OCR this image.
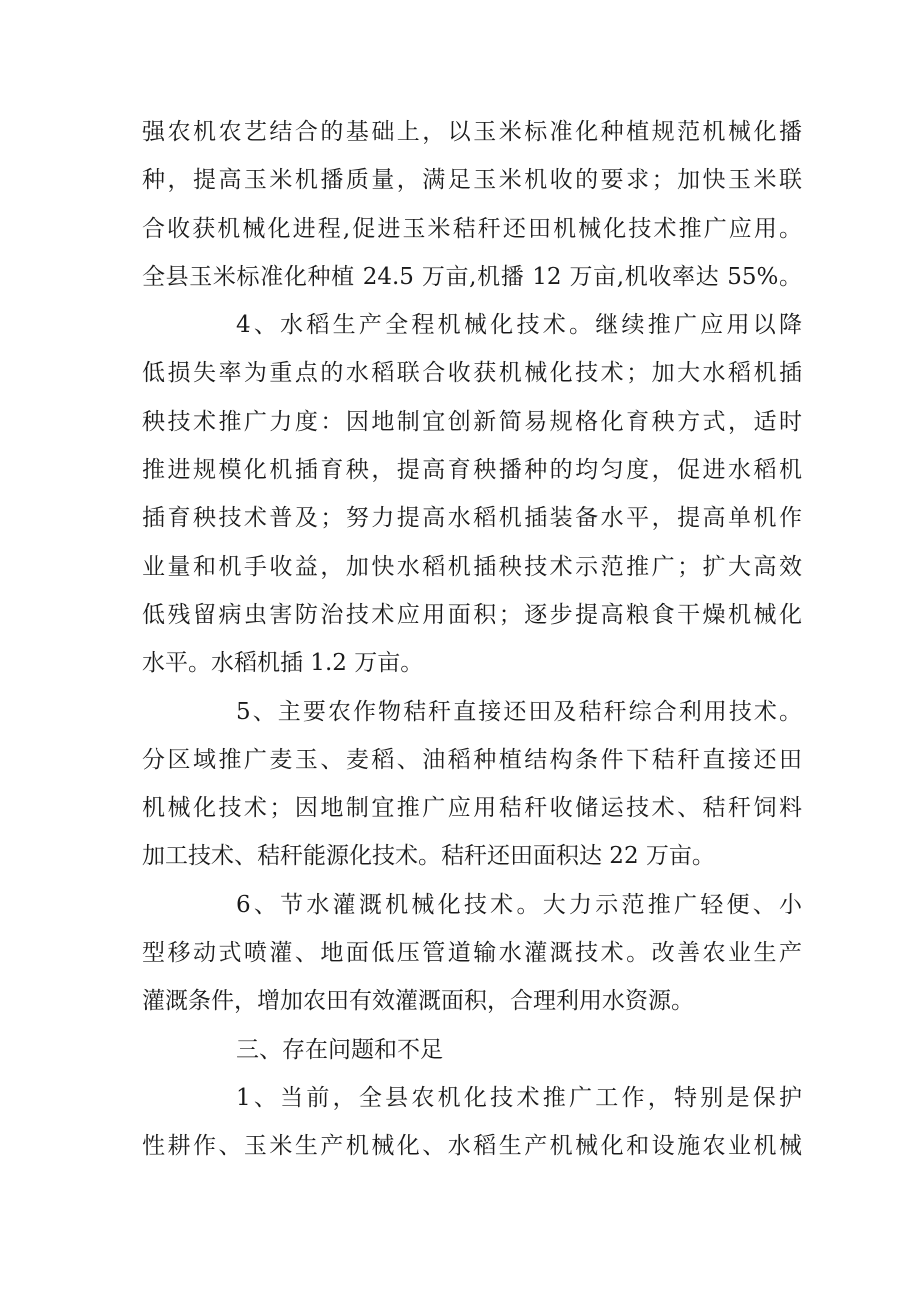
强农机农艺结合的基础上，以玉米标准化种植规范机械化播
种，提高玉米机播质量，满足玉米机收的要求；加快玉米联
合收获机械化进程,促进玉米秸秆还田机械化技术推广应用。
全县玉米标准化种植 24.5 万亩,机播 12 万亩,机收率达 55%。
4、水稻生产全程机械化技术。继续推广应用以降
低损失率为重点的水稻联合收获机械化技术；加大水稻机插
秧技术推广力度：因地制宜创新简易规格化育秧方式，适时
推进规模化机插育秧，提高育秧播种的均匀度，促进水稻机
插育秧技术普及；努力提高水稻机插装备水平，提高单机作
业量和机手收益，加快水稻机插秧技术示范推广；扩大高效
低残留病虫害防治技术应用面积；逐步提高粮食干燥机械化
水平。水稻机插 1.2 万亩。
5、主要农作物秸秆直接还田及秸秆综合利用技术。
分区域推广麦玉、麦稻、油稻种植结构条件下秸秆直接还田
机械化技术；因地制宜推广应用秸秆收储运技术、秸秆饲料
加工技术、秸秆能源化技术。秸秆还田面积达 22 万亩。
6、节水灌溉机械化技术。大力示范推广轻便、小
型移动式喷灌、地面低压管道输水灌溉技术。改善农业生产
灌溉条件，增加农田有效灌溉面积，合理利用水资源。
三、存在问题和不足
1、当前，全县农机化技术推广工作，特别是保护
性耕作、玉米生产机械化、水稻生产机械化和设施农业机械
